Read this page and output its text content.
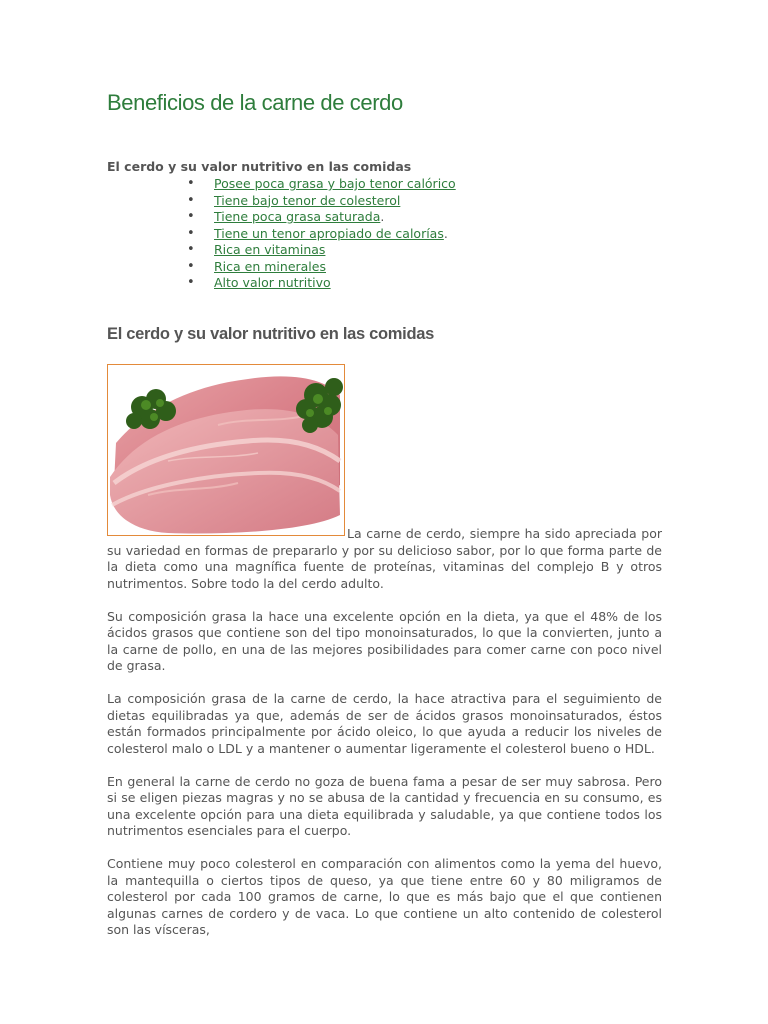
Beneficios de la carne de cerdo
El cerdo y su valor nutritivo en las comidas
• Posee poca grasa y bajo tenor calórico
• Tiene bajo tenor de colesterol
• Tiene poca grasa saturada.
• Tiene un tenor apropiado de calorías.
• Rica en vitaminas
• Rica en minerales
• Alto valor nutritivo
El cerdo y su valor nutritivo en las comidas

La carne de cerdo, siempre ha sido apreciada por su variedad en formas de prepararlo y por su delicioso sabor, por lo que forma parte de la dieta como una magnífica fuente de proteínas, vitaminas del complejo B y otros nutrimentos. Sobre todo la del cerdo adulto.

Su composición grasa la hace una excelente opción en la dieta, ya que el 48% de los ácidos grasos que contiene son del tipo monoinsaturados, lo que la convierten, junto a la carne de pollo, en una de las mejores posibilidades para comer carne con poco nivel de grasa.

La composición grasa de la carne de cerdo, la hace atractiva para el seguimiento de dietas equilibradas ya que, además de ser de ácidos grasos monoinsaturados, éstos están formados principalmente por ácido oleico, lo que ayuda a reducir los niveles de colesterol malo o LDL y a mantener o aumentar ligeramente el colesterol bueno o HDL.

En general la carne de cerdo no goza de buena fama a pesar de ser muy sabrosa. Pero si se eligen piezas magras y no se abusa de la cantidad y frecuencia en su consumo, es una excelente opción para una dieta equilibrada y saludable, ya que contiene todos los nutrimentos esenciales para el cuerpo.

Contiene muy poco colesterol en comparación con alimentos como la yema del huevo, la mantequilla o ciertos tipos de queso, ya que tiene entre 60 y 80 miligramos de colesterol por cada 100 gramos de carne, lo que es más bajo que el que contienen algunas carnes de cordero y de vaca. Lo que contiene un alto contenido de colesterol son las vísceras,
